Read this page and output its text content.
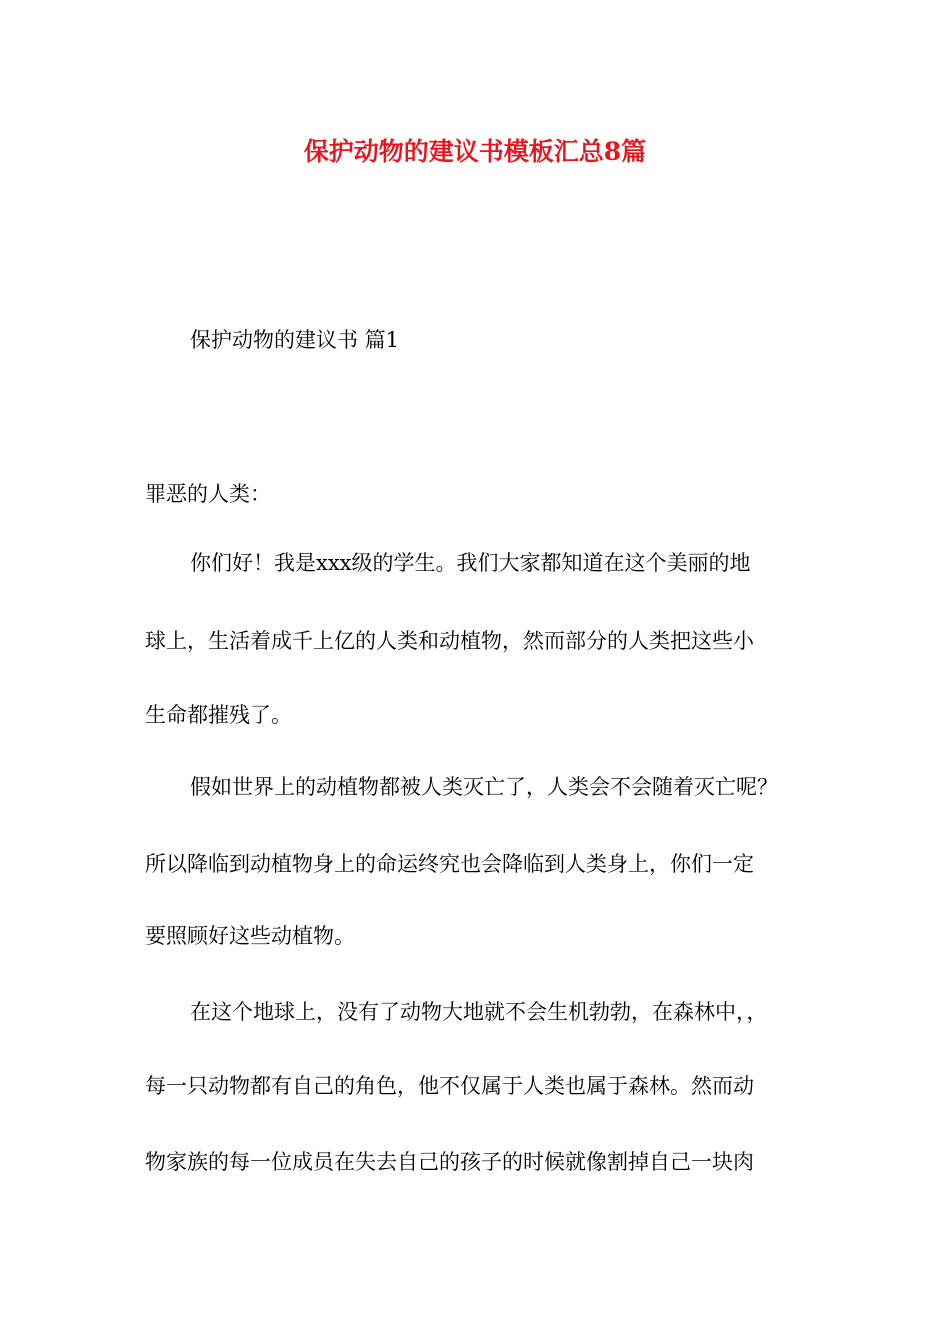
保护动物的建议书模板汇总8篇
保护动物的建议书 篇1
罪恶的人类：
你们好！我是xxx级的学生。我们大家都知道在这个美丽的地
球上，生活着成千上亿的人类和动植物，然而部分的人类把这些小
生命都摧残了。
假如世界上的动植物都被人类灭亡了，人类会不会随着灭亡呢？
所以降临到动植物身上的命运终究也会降临到人类身上，你们一定
要照顾好这些动植物。
在这个地球上，没有了动物大地就不会生机勃勃，在森林中，，
每一只动物都有自己的角色，他不仅属于人类也属于森林。然而动
物家族的每一位成员在失去自己的孩子的时候就像割掉自己一块肉
